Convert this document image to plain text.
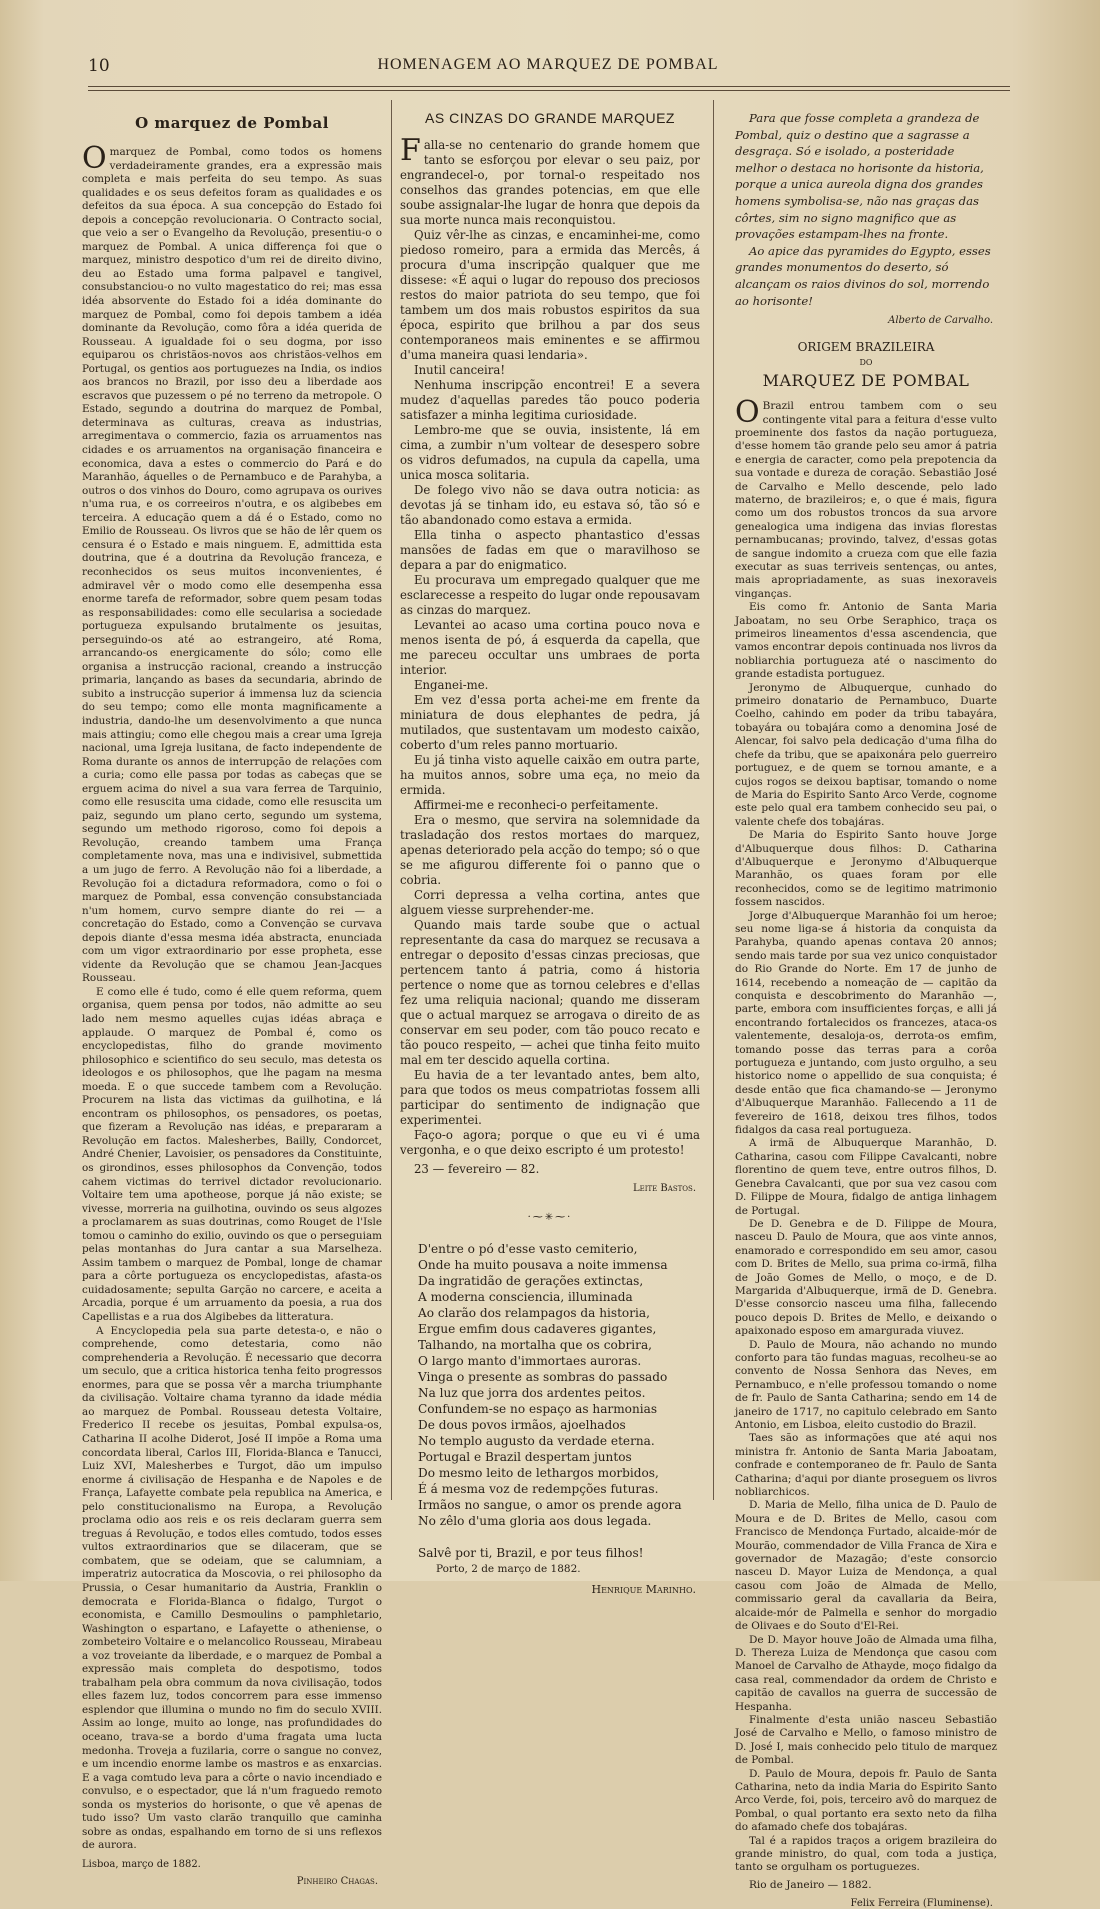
10	HOMENAGEM AO MARQUEZ DE POMBAL
O marquez de Pombal

Omarquez de Pombal, como todos os homens verdadeiramente grandes, era a expressão mais completa e mais perfeita do seu tempo. As suas qualidades e os seus defeitos foram as qualidades e os defeitos da sua época. A sua concepção do Estado foi depois a concepção revolucionaria. O Contracto social, que veio a ser o Evangelho da Revolução, presentiu-o o marquez de Pombal. A unica differença foi que o marquez, ministro despotico d'um rei de direito divino, deu ao Estado uma forma palpavel e tangivel, consubstanciou-o no vulto magestatico do rei; mas essa idéa absorvente do Estado foi a idéa dominante do marquez de Pombal, como foi depois tambem a idéa dominante da Revolução, como fôra a idéa querida de Rousseau. A igualdade foi o seu dogma, por isso equiparou os christãos-novos aos christãos-velhos em Portugal, os gentios aos portuguezes na India, os indios aos brancos no Brazil, por isso deu a liberdade aos escravos que puzessem o pé no terreno da metropole. O Estado, segundo a doutrina do marquez de Pombal, determinava as culturas, creava as industrias, arregimentava o commercio, fazia os arruamentos nas cidades e os arruamentos na organisação financeira e economica, dava a estes o commercio do Pará e do Maranhão, áquelles o de Pernambuco e de Parahyba, a outros o dos vinhos do Douro, como agrupava os ourives n'uma rua, e os correeiros n'outra, e os algibebes em terceira. A educação quem a dá é o Estado, como no Emilio de Rousseau. Os livros que se hão de lêr quem os censura é o Estado e mais ninguem. E, admittida esta doutrina, que é a doutrina da Revolução franceza, e reconhecidos os seus muitos inconvenientes, é admiravel vêr o modo como elle desempenha essa enorme tarefa de reformador, sobre quem pesam todas as responsabilidades: como elle secularisa a sociedade portugueza expulsando brutalmente os jesuitas, perseguindo-os até ao estrangeiro, até Roma, arrancando-os energicamente do sólo; como elle organisa a instrucção racional, creando a instrucção primaria, lançando as bases da secundaria, abrindo de subito a instrucção superior á immensa luz da sciencia do seu tempo; como elle monta magnificamente a industria, dando-lhe um desenvolvimento a que nunca mais attingiu; como elle chegou mais a crear uma Igreja nacional, uma Igreja lusitana, de facto independente de Roma durante os annos de interrupção de relações com a curia; como elle passa por todas as cabeças que se erguem acima do nivel a sua vara ferrea de Tarquinio, como elle resuscita uma cidade, como elle resuscita um paiz, segundo um plano certo, segundo um systema, segundo um methodo rigoroso, como foi depois a Revolução, creando tambem uma França completamente nova, mas una e indivisivel, submettida a um jugo de ferro. A Revolução não foi a liberdade, a Revolução foi a dictadura reformadora, como o foi o marquez de Pombal, essa convenção consubstanciada n'um homem, curvo sempre diante do rei — a concretação do Estado, como a Convenção se curvava depois diante d'essa mesma idéa abstracta, enunciada com um vigor extraordinario por esse propheta, esse vidente da Revolução que se chamou Jean-Jacques Rousseau.

E como elle é tudo, como é elle quem reforma, quem organisa, quem pensa por todos, não admitte ao seu lado nem mesmo aquelles cujas idéas abraça e applaude. O marquez de Pombal é, como os encyclopedistas, filho do grande movimento philosophico e scientifico do seu seculo, mas detesta os ideologos e os philosophos, que lhe pagam na mesma moeda. E o que succede tambem com a Revolução. Procurem na lista das victimas da guilhotina, e lá encontram os philosophos, os pensadores, os poetas, que fizeram a Revolução nas idéas, e prepararam a Revolução em factos. Malesherbes, Bailly, Condorcet, André Chenier, Lavoisier, os pensadores da Constituinte, os girondinos, esses philosophos da Convenção, todos cahem victimas do terrivel dictador revolucionario. Voltaire tem uma apotheose, porque já não existe; se vivesse, morreria na guilhotina, ouvindo os seus algozes a proclamarem as suas doutrinas, como Rouget de l'Isle tomou o caminho do exilio, ouvindo os que o perseguiam pelas montanhas do Jura cantar a sua Marselheza. Assim tambem o marquez de Pombal, longe de chamar para a côrte portugueza os encyclopedistas, afasta-os cuidadosamente; sepulta Garção no carcere, e aceita a Arcadia, porque é um arruamento da poesia, a rua dos Capellistas e a rua dos Algibebes da litteratura.

A Encyclopedia pela sua parte detesta-o, e não o comprehende, como detestaria, como não comprehenderia a Revolução. É necessario que decorra um seculo, que a critica historica tenha feito progressos enormes, para que se possa vêr a marcha triumphante da civilisação. Voltaire chama tyranno da idade média ao marquez de Pombal. Rousseau detesta Voltaire, Frederico II recebe os jesuitas, Pombal expulsa-os, Catharina II acolhe Diderot, José II impõe a Roma uma concordata liberal, Carlos III, Florida-Blanca e Tanucci, Luiz XVI, Malesherbes e Turgot, dão um impulso enorme á civilisação de Hespanha e de Napoles e de França, Lafayette combate pela republica na America, e pelo constitucionalismo na Europa, a Revolução proclama odio aos reis e os reis declaram guerra sem treguas á Revolução, e todos elles comtudo, todos esses vultos extraordinarios que se dilaceram, que se combatem, que se odeiam, que se calumniam, a imperatriz autocratica da Moscovia, o rei philosopho da Prussia, o Cesar humanitario da Austria, Franklin o democrata e Florida-Blanca o fidalgo, Turgot o economista, e Camillo Desmoulins o pamphletario, Washington o espartano, e Lafayette o atheniense, o zombeteiro Voltaire e o melancolico Rousseau, Mirabeau a voz troveiante da liberdade, e o marquez de Pombal a expressão mais completa do despotismo, todos trabalham pela obra commum da nova civilisação, todos elles fazem luz, todos concorrem para esse immenso esplendor que illumina o mundo no fim do seculo XVIII. Assim ao longe, muito ao longe, nas profundidades do oceano, trava-se a bordo d'uma fragata uma lucta medonha. Troveja a fuzilaria, corre o sangue no convez, e um incendio enorme lambe os mastros e as enxarcias. E a vaga comtudo leva para a côrte o navio incendiado e convulso, e o espectador, que lá n'um fraguedo remoto sonda os mysterios do horisonte, o que vê apenas de tudo isso? Um vasto clarão tranquillo que caminha sobre as ondas, espalhando em torno de si uns reflexos de aurora.

Lisboa, março de 1882.
Pinheiro Chagas.
AS CINZAS DO GRANDE MARQUEZ

Falla-se no centenario do grande homem que tanto se esforçou por elevar o seu paiz, por engrandecel-o, por tornal-o respeitado nos conselhos das grandes potencias, em que elle soube assignalar-lhe lugar de honra que depois da sua morte nunca mais reconquistou.

Quiz vêr-lhe as cinzas, e encaminhei-me, como piedoso romeiro, para a ermida das Mercês, á procura d'uma inscripção qualquer que me dissese: «É aqui o lugar do repouso dos preciosos restos do maior patriota do seu tempo, que foi tambem um dos mais robustos espiritos da sua época, espirito que brilhou a par dos seus contemporaneos mais eminentes e se affirmou d'uma maneira quasi lendaria».

Inutil canceira!

Nenhuma inscripção encontrei! E a severa mudez d'aquellas paredes tão pouco poderia satisfazer a minha legitima curiosidade.

Lembro-me que se ouvia, insistente, lá em cima, a zumbir n'um voltear de desespero sobre os vidros defumados, na cupula da capella, uma unica mosca solitaria.

De folego vivo não se dava outra noticia: as devotas já se tinham ido, eu estava só, tão só e tão abandonado como estava a ermida.

Ella tinha o aspecto phantastico d'essas mansões de fadas em que o maravilhoso se depara a par do enigmatico.

Eu procurava um empregado qualquer que me esclarecesse a respeito do lugar onde repousavam as cinzas do marquez.

Levantei ao acaso uma cortina pouco nova e menos isenta de pó, á esquerda da capella, que me pareceu occultar uns umbraes de porta interior.

Enganei-me.

Em vez d'essa porta achei-me em frente da miniatura de dous elephantes de pedra, já mutilados, que sustentavam um modesto caixão, coberto d'um reles panno mortuario.

Eu já tinha visto aquelle caixão em outra parte, ha muitos annos, sobre uma eça, no meio da ermida.

Affirmei-me e reconheci-o perfeitamente.

Era o mesmo, que servira na solemnidade da trasladação dos restos mortaes do marquez, apenas deteriorado pela acção do tempo; só o que se me afigurou differente foi o panno que o cobria.

Corri depressa a velha cortina, antes que alguem viesse surprehender-me.

Quando mais tarde soube que o actual representante da casa do marquez se recusava a entregar o deposito d'essas cinzas preciosas, que pertencem tanto á patria, como á historia pertence o nome que as tornou celebres e d'ellas fez uma reliquia nacional; quando me disseram que o actual marquez se arrogava o direito de as conservar em seu poder, com tão pouco recato e tão pouco respeito, — achei que tinha feito muito mal em ter descido aquella cortina.

Eu havia de a ter levantado antes, bem alto, para que todos os meus compatriotas fossem alli participar do sentimento de indignação que experimentei.

Faço-o agora; porque o que eu vi é uma vergonha, e o que deixo escripto é um protesto!

23 — fevereiro — 82.
Leite Bastos.
·⁓✳⁓·
D'entre o pó d'esse vasto cemiterio,
Onde ha muito pousava a noite immensa
Da ingratidão de gerações extinctas,
A moderna consciencia, illuminada
Ao clarão dos relampagos da historia,
Ergue emfim dous cadaveres gigantes,
Talhando, na mortalha que os cobrira,
O largo manto d'immortaes auroras.
Vinga o presente as sombras do passado
Na luz que jorra dos ardentes peitos.
Confundem-se no espaço as harmonias
De dous povos irmãos, ajoelhados
No templo augusto da verdade eterna.
Portugal e Brazil despertam juntos
Do mesmo leito de lethargos morbidos,
É á mesma voz de redempções futuras.
Irmãos no sangue, o amor os prende agora
No zêlo d'uma gloria aos dous legada.
Salvê por ti, Brazil, e por teus filhos!
Porto, 2 de março de 1882.
Henrique Marinho.

Para que fosse completa a grandeza de Pombal, quiz o destino que a sagrasse a desgraça. Só e isolado, a posteridade melhor o destaca no horisonte da historia, porque a unica aureola digna dos grandes homens symbolisa-se, não nas graças das côrtes, sim no signo magnifico que as provações estampam-lhes na fronte.

Ao apice das pyramides do Egypto, esses grandes monumentos do deserto, só alcançam os raios divinos do sol, morrendo ao horisonte!

Alberto de Carvalho.
ORIGEM BRAZILEIRA
DO
MARQUEZ DE POMBAL

OBrazil entrou tambem com o seu contingente vital para a feitura d'esse vulto proeminente dos fastos da nação portugueza, d'esse homem tão grande pelo seu amor á patria e energia de caracter, como pela prepotencia da sua vontade e dureza de coração. Sebastião José de Carvalho e Mello descende, pelo lado materno, de brazileiros; e, o que é mais, figura como um dos robustos troncos da sua arvore genealogica uma indigena das invias florestas pernambucanas; provindo, talvez, d'essas gotas de sangue indomito a crueza com que elle fazia executar as suas terriveis sentenças, ou antes, mais apropriadamente, as suas inexoraveis vinganças.

Eis como fr. Antonio de Santa Maria Jaboatam, no seu Orbe Seraphico, traça os primeiros lineamentos d'essa ascendencia, que vamos encontrar depois continuada nos livros da nobliarchia portugueza até o nascimento do grande estadista portuguez.

Jeronymo de Albuquerque, cunhado do primeiro donatario de Pernambuco, Duarte Coelho, cahindo em poder da tribu tabayára, tobayára ou tobajára como a denomina José de Alencar, foi salvo pela dedicação d'uma filha do chefe da tribu, que se apaixonára pelo guerreiro portuguez, e de quem se tornou amante, e a cujos rogos se deixou baptisar, tomando o nome de Maria do Espirito Santo Arco Verde, cognome este pelo qual era tambem conhecido seu pai, o valente chefe dos tobajáras.

De Maria do Espirito Santo houve Jorge d'Albuquerque dous filhos: D. Catharina d'Albuquerque e Jeronymo d'Albuquerque Maranhão, os quaes foram por elle reconhecidos, como se de legitimo matrimonio fossem nascidos.

Jorge d'Albuquerque Maranhão foi um heroe; seu nome liga-se á historia da conquista da Parahyba, quando apenas contava 20 annos; sendo mais tarde por sua vez unico conquistador do Rio Grande do Norte. Em 17 de junho de 1614, recebendo a nomeação de — capitão da conquista e descobrimento do Maranhão —, parte, embora com insufficientes forças, e alli já encontrando fortalecidos os francezes, ataca-os valentemente, desaloja-os, derrota-os emfim, tomando posse das terras para a corôa portugueza e juntando, com justo orgulho, a seu historico nome o appellido de sua conquista; é desde então que fica chamando-se — Jeronymo d'Albuquerque Maranhão. Fallecendo a 11 de fevereiro de 1618, deixou tres filhos, todos fidalgos da casa real portugueza.

A irmã de Albuquerque Maranhão, D. Catharina, casou com Filippe Cavalcanti, nobre florentino de quem teve, entre outros filhos, D. Genebra Cavalcanti, que por sua vez casou com D. Filippe de Moura, fidalgo de antiga linhagem de Portugal.

De D. Genebra e de D. Filippe de Moura, nasceu D. Paulo de Moura, que aos vinte annos, enamorado e correspondido em seu amor, casou com D. Brites de Mello, sua prima co-irmã, filha de João Gomes de Mello, o moço, e de D. Margarida d'Albuquerque, irmã de D. Genebra. D'esse consorcio nasceu uma filha, fallecendo pouco depois D. Brites de Mello, e deixando o apaixonado esposo em amargurada viuvez.

D. Paulo de Moura, não achando no mundo conforto para tão fundas maguas, recolheu-se ao convento de Nossa Senhora das Neves, em Pernambuco, e n'elle professou tomando o nome de fr. Paulo de Santa Catharina; sendo em 14 de janeiro de 1717, no capitulo celebrado em Santo Antonio, em Lisboa, eleito custodio do Brazil.

Taes são as informações que até aqui nos ministra fr. Antonio de Santa Maria Jaboatam, confrade e contemporaneo de fr. Paulo de Santa Catharina; d'aqui por diante proseguem os livros nobliarchicos.

D. Maria de Mello, filha unica de D. Paulo de Moura e de D. Brites de Mello, casou com Francisco de Mendonça Furtado, alcaide-mór de Mourão, commendador de Villa Franca de Xira e governador de Mazagão; d'este consorcio nasceu D. Mayor Luiza de Mendonça, a qual casou com João de Almada de Mello, commissario geral da cavallaria da Beira, alcaide-mór de Palmella e senhor do morgadio de Olivaes e do Souto d'El-Rei.

De D. Mayor houve João de Almada uma filha, D. Thereza Luiza de Mendonça que casou com Manoel de Carvalho de Athayde, moço fidalgo da casa real, commendador da ordem de Christo e capitão de cavallos na guerra de successão de Hespanha.

Finalmente d'esta união nasceu Sebastião José de Carvalho e Mello, o famoso ministro de D. José I, mais conhecido pelo titulo de marquez de Pombal.

D. Paulo de Moura, depois fr. Paulo de Santa Catharina, neto da india Maria do Espirito Santo Arco Verde, foi, pois, terceiro avô do marquez de Pombal, o qual portanto era sexto neto da filha do afamado chefe dos tobajáras.

Tal é a rapidos traços a origem brazileira do grande ministro, do qual, com toda a justiça, tanto se orgulham os portuguezes.

Rio de Janeiro — 1882.
Felix Ferreira (Fluminense).
